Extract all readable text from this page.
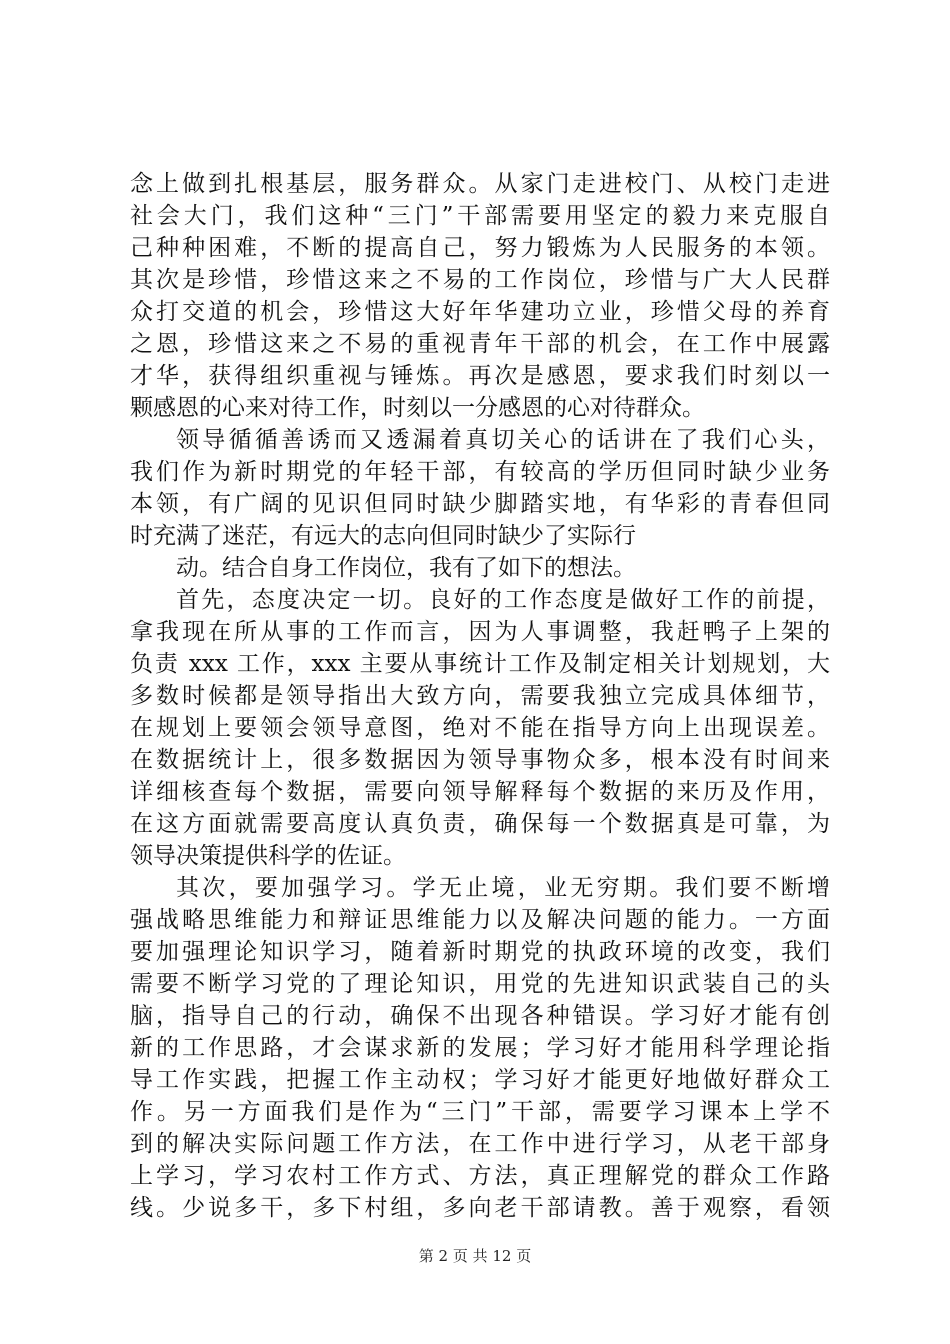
念上做到扎根基层，服务群众。从家门走进校门、从校门走进
社会大门，我们这种“三门”干部需要用坚定的毅力来克服自
己种种困难，不断的提高自己，努力锻炼为人民服务的本领。
其次是珍惜，珍惜这来之不易的工作岗位，珍惜与广大人民群
众打交道的机会，珍惜这大好年华建功立业，珍惜父母的养育
之恩，珍惜这来之不易的重视青年干部的机会，在工作中展露
才华，获得组织重视与锤炼。再次是感恩，要求我们时刻以一
颗感恩的心来对待工作，时刻以一分感恩的心对待群众。
领导循循善诱而又透漏着真切关心的话讲在了我们心头，
我们作为新时期党的年轻干部，有较高的学历但同时缺少业务
本领，有广阔的见识但同时缺少脚踏实地，有华彩的青春但同
时充满了迷茫，有远大的志向但同时缺少了实际行
动。结合自身工作岗位，我有了如下的想法。
首先，态度决定一切。良好的工作态度是做好工作的前提，
拿我现在所从事的工作而言，因为人事调整，我赶鸭子上架的
负责 xxx 工作，xxx 主要从事统计工作及制定相关计划规划，大
多数时候都是领导指出大致方向，需要我独立完成具体细节，
在规划上要领会领导意图，绝对不能在指导方向上出现误差。
在数据统计上，很多数据因为领导事物众多，根本没有时间来
详细核查每个数据，需要向领导解释每个数据的来历及作用，
在这方面就需要高度认真负责，确保每一个数据真是可靠，为
领导决策提供科学的佐证。
其次，要加强学习。学无止境，业无穷期。我们要不断增
强战略思维能力和辩证思维能力以及解决问题的能力。一方面
要加强理论知识学习，随着新时期党的执政环境的改变，我们
需要不断学习党的了理论知识，用党的先进知识武装自己的头
脑，指导自己的行动，确保不出现各种错误。学习好才能有创
新的工作思路，才会谋求新的发展；学习好才能用科学理论指
导工作实践，把握工作主动权；学习好才能更好地做好群众工
作。另一方面我们是作为“三门”干部，需要学习课本上学不
到的解决实际问题工作方法，在工作中进行学习，从老干部身
上学习，学习农村工作方式、方法，真正理解党的群众工作路
线。少说多干，多下村组，多向老干部请教。善于观察，看领
第 2 页 共 12 页
